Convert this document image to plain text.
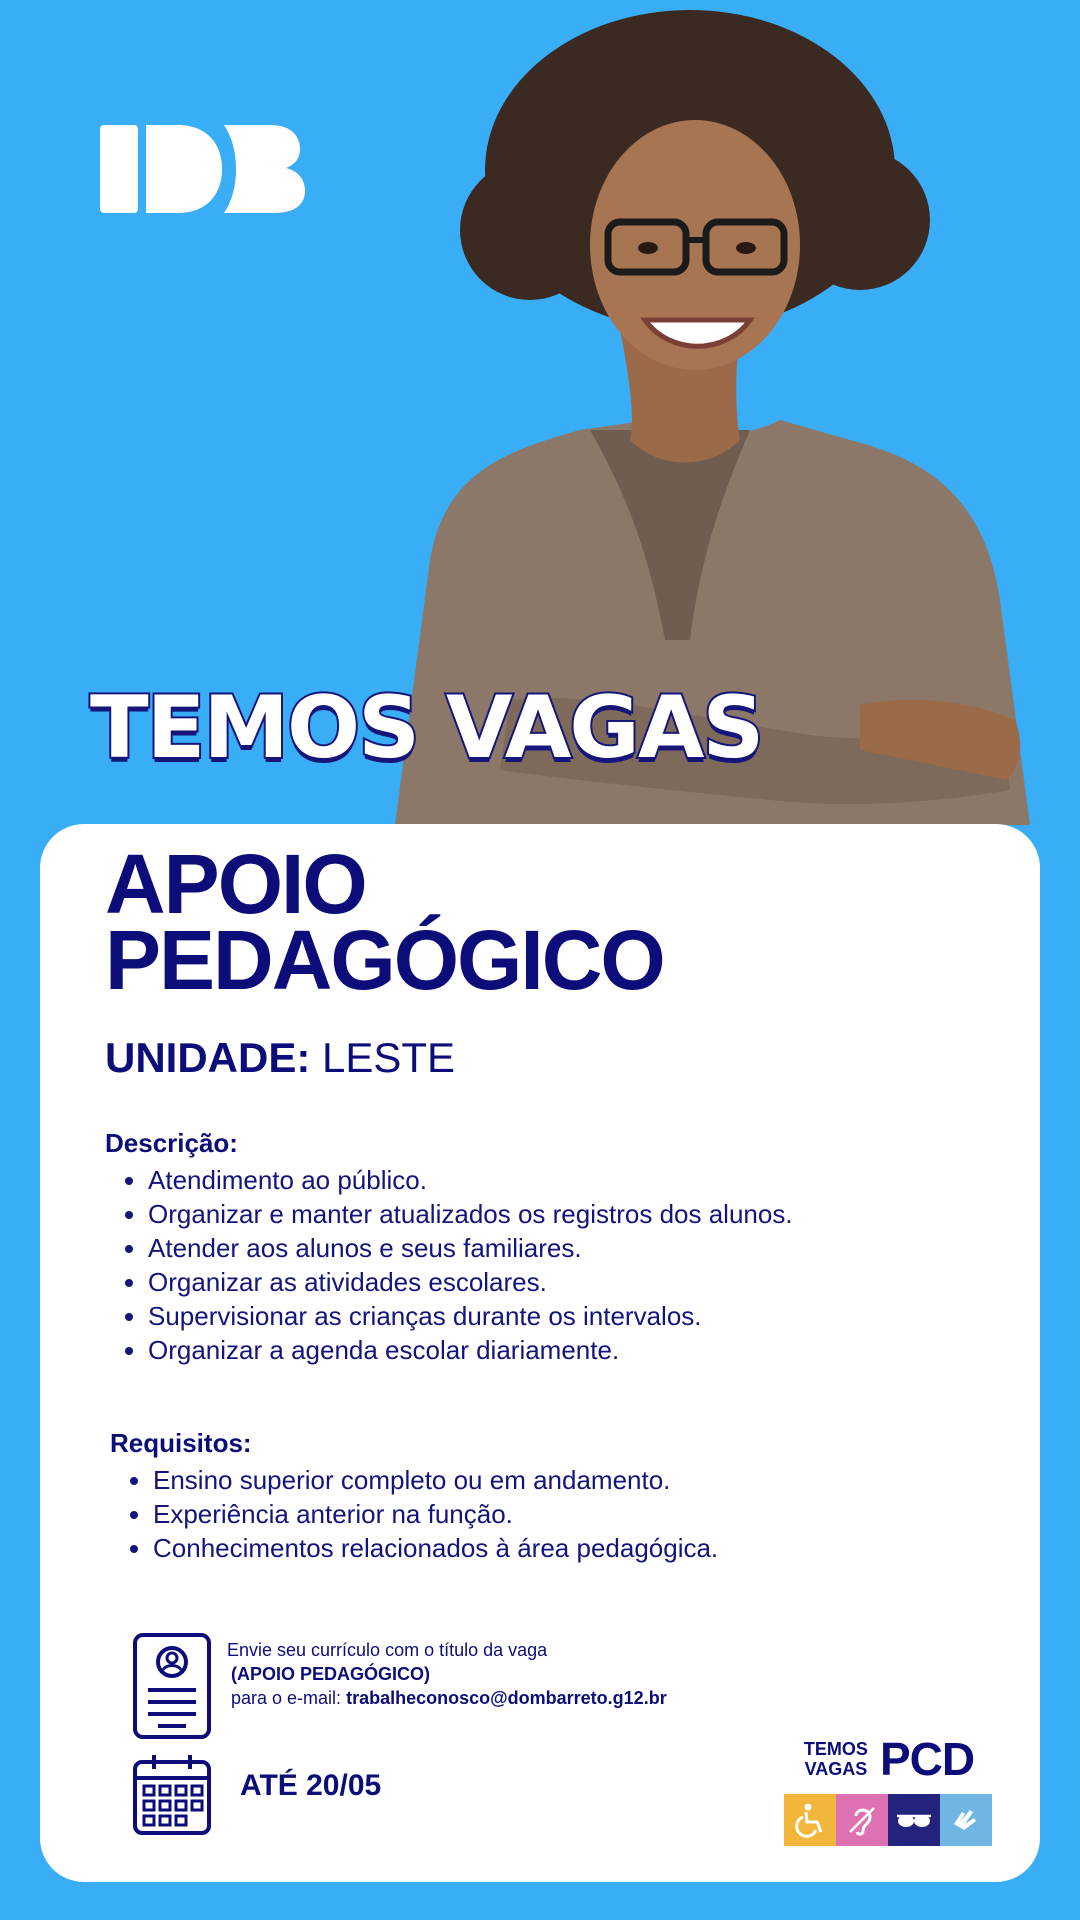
TEMOS VAGAS
APOIO
PEDAGÓGICO
UNIDADE: LESTE
Descrição:
• Atendimento ao público.
• Organizar e manter atualizados os registros dos alunos.
• Atender aos alunos e seus familiares.
• Organizar as atividades escolares.
• Supervisionar as crianças durante os intervalos.
• Organizar a agenda escolar diariamente.
Requisitos:
• Ensino superior completo ou em andamento.
• Experiência anterior na função.
• Conhecimentos relacionados à área pedagógica.
Envie seu currículo com o título da vaga
(APOIO PEDAGÓGICO)
para o e-mail: trabalheconosco@dombarreto.g12.br
ATÉ 20/05
TEMOS
VAGAS PCD
